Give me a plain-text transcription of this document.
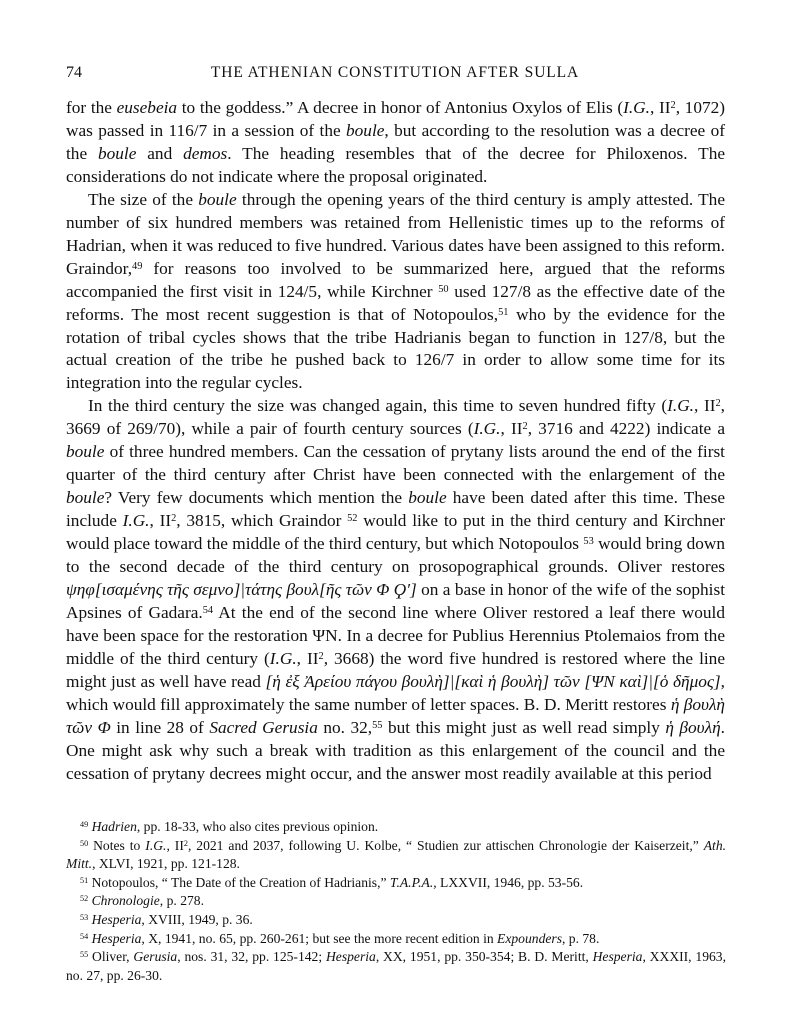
74	THE ATHENIAN CONSTITUTION AFTER SULLA

for the eusebeia to the goddess.” A decree in honor of Antonius Oxylos of Elis (I.G., $II^2$, 1072) was passed in 116/7 in a session of the boule, but according to the resolution was a decree of the boule and demos. The heading resembles that of the decree for Philoxenos. The considerations do not indicate where the proposal originated.

The size of the boule through the opening years of the third century is amply attested. The number of six hundred members was retained from Hellenistic times up to the reforms of Hadrian, when it was reduced to five hundred. Various dates have been assigned to this reform. Graindor,$^{49}$ for reasons too involved to be summarized here, argued that the reforms accompanied the first visit in 124/5, while Kirchner $^{50}$ used 127/8 as the effective date of the reforms. The most recent suggestion is that of Notopoulos,$^{51}$ who by the evidence for the rotation of tribal cycles shows that the tribe Hadrianis began to function in 127/8, but the actual creation of the tribe he pushed back to 126/7 in order to allow some time for its integration into the regular cycles.

In the third century the size was changed again, this time to seven hundred fifty (I.G., $II^2$, 3669 of 269/70), while a pair of fourth century sources (I.G., $II^2$, 3716 and 4222) indicate a boule of three hundred members. Can the cessation of prytany lists around the end of the first quarter of the third century after Christ have been connected with the enlargement of the boule? Very few documents which mention the boule have been dated after this time. These include I.G., $II^2$, 3815, which Graindor $^{52}$ would like to put in the third century and Kirchner would place toward the middle of the third century, but which Notopoulos $^{53}$ would bring down to the second decade of the third century on prosopographical grounds. Oliver restores ψηφ[ισαμένης τῆς σεμνο]|τάτης βουλ[ῆς τῶν Φ Ϙ′] on a base in honor of the wife of the sophist Apsines of Gadara.$^{54}$ At the end of the second line where Oliver restored a leaf there would have been space for the restoration ΨN. In a decree for Publius Herennius Ptolemaios from the middle of the third century (I.G., $II^2$, 3668) the word five hundred is restored where the line might just as well have read [ἡ ἐξ Ἀρείου πάγου βουλὴ]|[καὶ ἡ βουλὴ] τῶν [ΨN καὶ]|[ὁ δῆμος], which would fill approximately the same number of letter spaces. B. D. Meritt restores ἡ βουλὴ τῶν Φ in line 28 of Sacred Gerusia no. 32,55 but this might just as well read simply ἡ βουλή. One might ask why such a break with tradition as this enlargement of the council and the cessation of prytany decrees might occur, and the answer most readily available at this period

$^{49}$ Hadrien, pp. 18-33, who also cites previous opinion.

$^{50}$ Notes to I.G., $II^2$, 2021 and 2037, following U. Kolbe, “ Studien zur attischen Chronologie der Kaiserzeit,” Ath. Mitt., XLVI, 1921, pp. 121-128.

$^{51}$ Notopoulos, “ The Date of the Creation of Hadrianis,” T.A.P.A., LXXVII, 1946, pp. 53-56.

$^{52}$ Chronologie, p. 278.

$^{53}$ Hesperia, XVIII, 1949, p. 36.

$^{54}$ Hesperia, X, 1941, no. 65, pp. 260-261; but see the more recent edition in Expounders, p. 78.

$^{55}$ Oliver, Gerusia, nos. 31, 32, pp. 125-142; Hesperia, XX, 1951, pp. 350-354; B. D. Meritt, Hesperia, XXXII, 1963, no. 27, pp. 26-30.
